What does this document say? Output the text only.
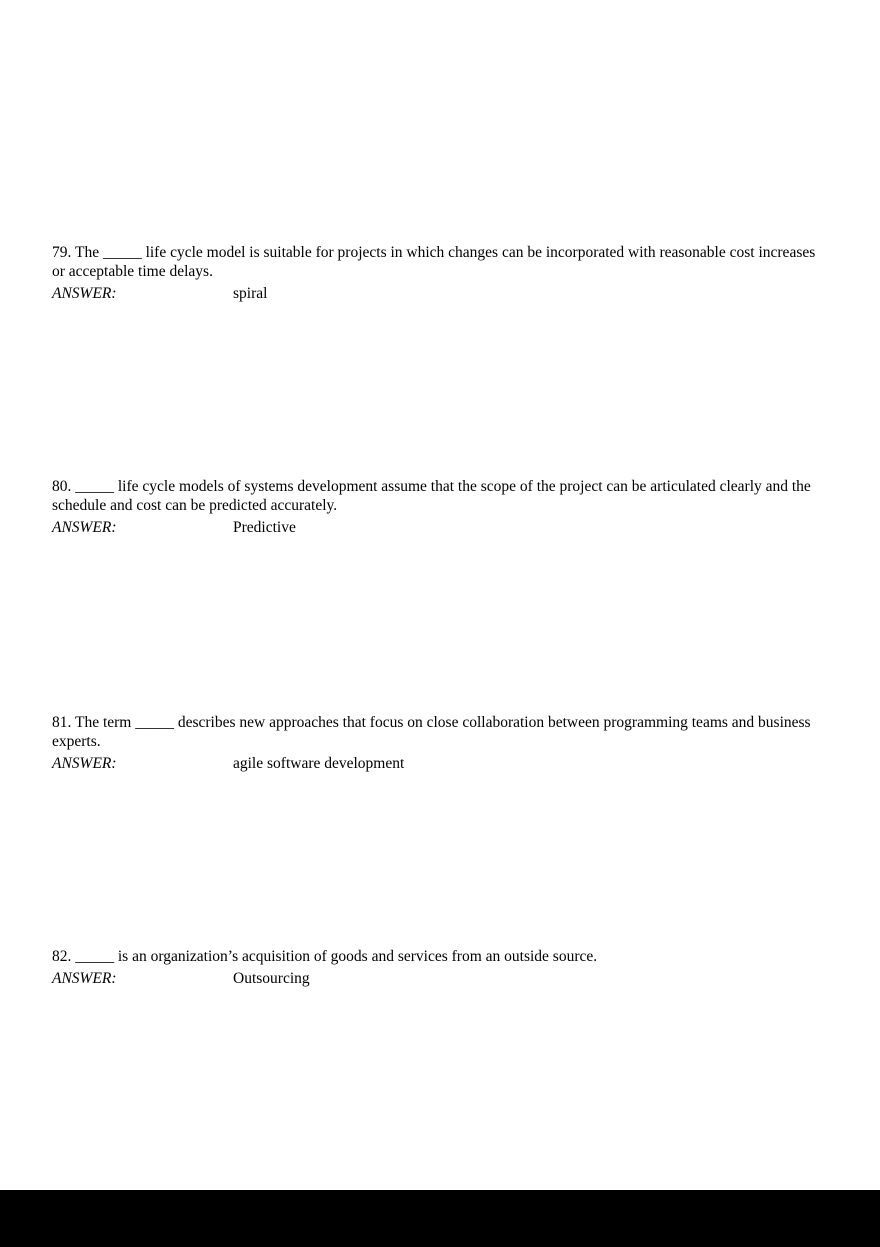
79. The _____ life cycle model is suitable for projects in which changes can be incorporated with reasonable cost increases or acceptable time delays.

ANSWER:	spiral

80. _____ life cycle models of systems development assume that the scope of the project can be articulated clearly and the schedule and cost can be predicted accurately.

ANSWER:	Predictive

81. The term _____ describes new approaches that focus on close collaboration between programming teams and business experts.

ANSWER:	agile software development

82. _____ is an organization’s acquisition of goods and services from an outside source.

ANSWER:	Outsourcing
